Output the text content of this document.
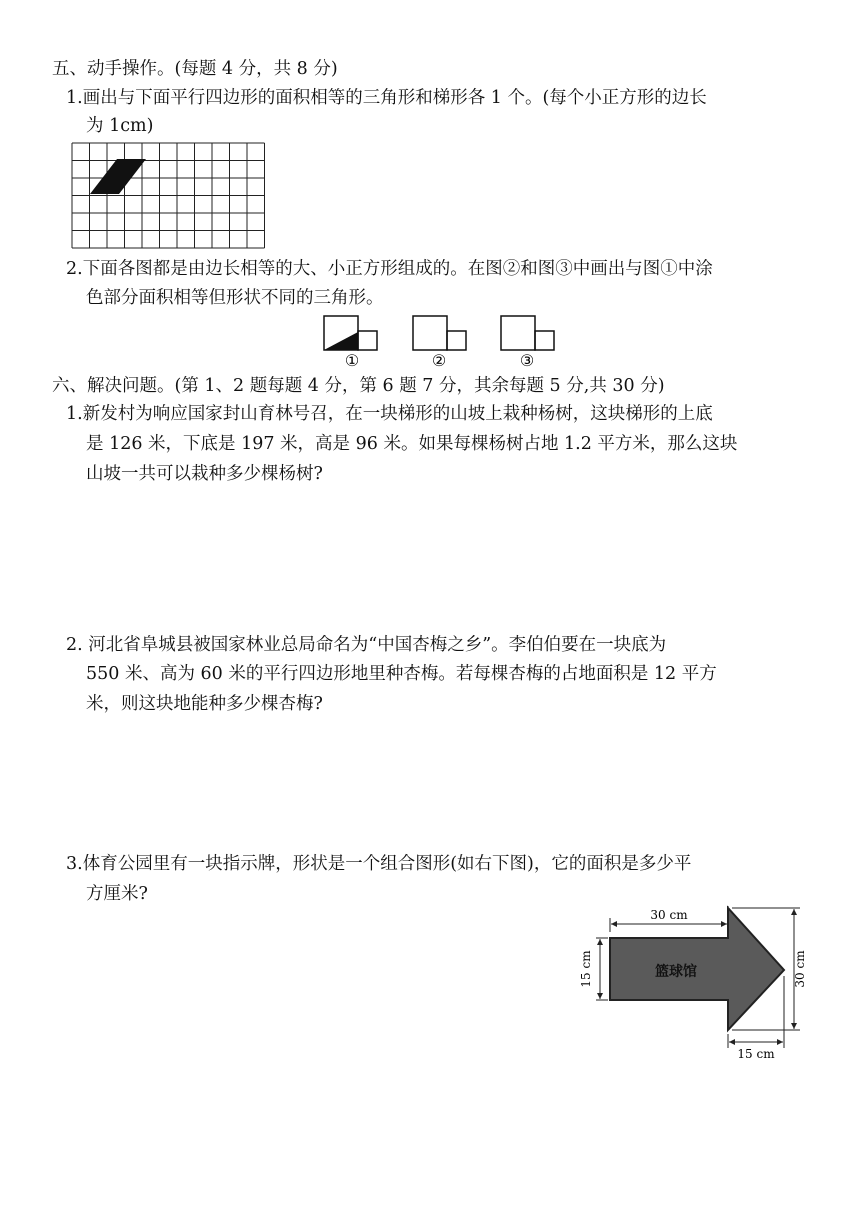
五、动手操作。(每题 4 分，共 8 分)
1.画出与下面平行四边形的面积相等的三角形和梯形各 1 个。(每个小正方形的边长
为 1cm)
2.下面各图都是由边长相等的大、小正方形组成的。在图②和图③中画出与图①中涂
色部分面积相等但形状不同的三角形。
①	②	③
六、解决问题。(第 1、2 题每题 4 分，第 6 题 7 分，其余每题 5 分,共 30 分)
1.新发村为响应国家封山育林号召，在一块梯形的山坡上栽种杨树，这块梯形的上底
是 126 米，下底是 197 米，高是 96 米。如果每棵杨树占地 1.2 平方米，那么这块
山坡一共可以栽种多少棵杨树?
2. 河北省阜城县被国家林业总局命名为“中国杏梅之乡”。李伯伯要在一块底为
550 米、高为 60 米的平行四边形地里种杏梅。若每棵杏梅的占地面积是 12 平方
米，则这块地能种多少棵杏梅?
3.体育公园里有一块指示牌，形状是一个组合图形(如右下图)，它的面积是多少平
方厘米?
篮球馆
30 cm
15 cm	30 cm
15 cm
